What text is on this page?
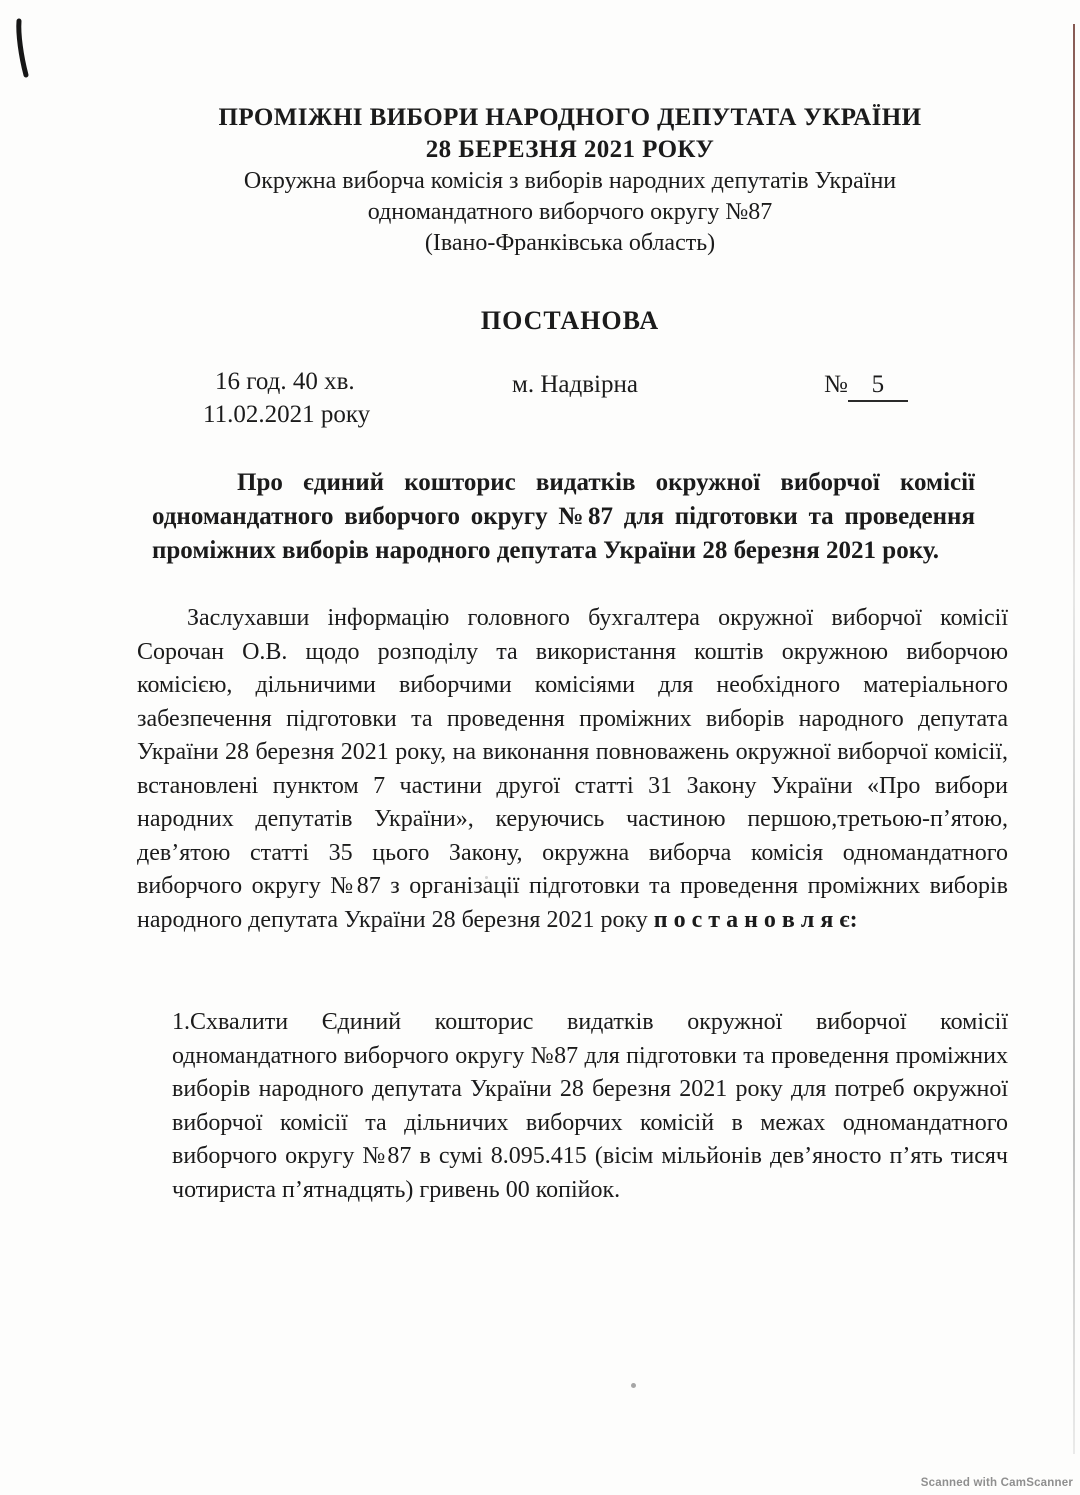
ПРОМІЖНІ ВИБОРИ НАРОДНОГО ДЕПУТАТА УКРАЇНИ
28 БЕРЕЗНЯ 2021 РОКУ
Окружна виборча комісія з виборів народних депутатів України
одномандатного виборчого округу №87
(Івано-Франківська область)
ПОСТАНОВА
16 год. 40 хв.
11.02.2021 року
м. Надвірна	№ 5
Про єдиний кошторис видатків окружної виборчої комісії одномандатного виборчого округу №87 для підготовки та проведення проміжних виборів народного депутата України 28 березня 2021 року.
Заслухавши інформацію головного бухгалтера окружної виборчої комісії Сорочан О.В. щодо розподілу та використання коштів окружною виборчою комісією, дільничими виборчими комісіями для необхідного матеріального забезпечення підготовки та проведення проміжних виборів народного депутата України 28 березня 2021 року, на виконання повноважень окружної виборчої комісії, встановлені пунктом 7 частини другої статті 31 Закону України «Про вибори народних депутатів України», керуючись частиною першою,третьою-п’ятою, дев’ятою статті 35 цього Закону, окружна виборча комісія одномандатного виборчого округу №87 з організації підготовки та проведення проміжних виборів народного депутата України 28 березня 2021 року п о с т а н о в л я є:
1.Схвалити Єдиний кошторис видатків окружної виборчої комісії одномандатного виборчого округу №87 для підготовки та проведення проміжних виборів народного депутата України 28 березня 2021 року для потреб окружної виборчої комісії та дільничих виборчих комісій в межах одномандатного виборчого округу №87 в сумі 8.095.415 (вісім мільйонів дев’яносто п’ять тисяч чотириста п’ятнадцять) гривень 00 копійок.
Scanned with CamScanner
